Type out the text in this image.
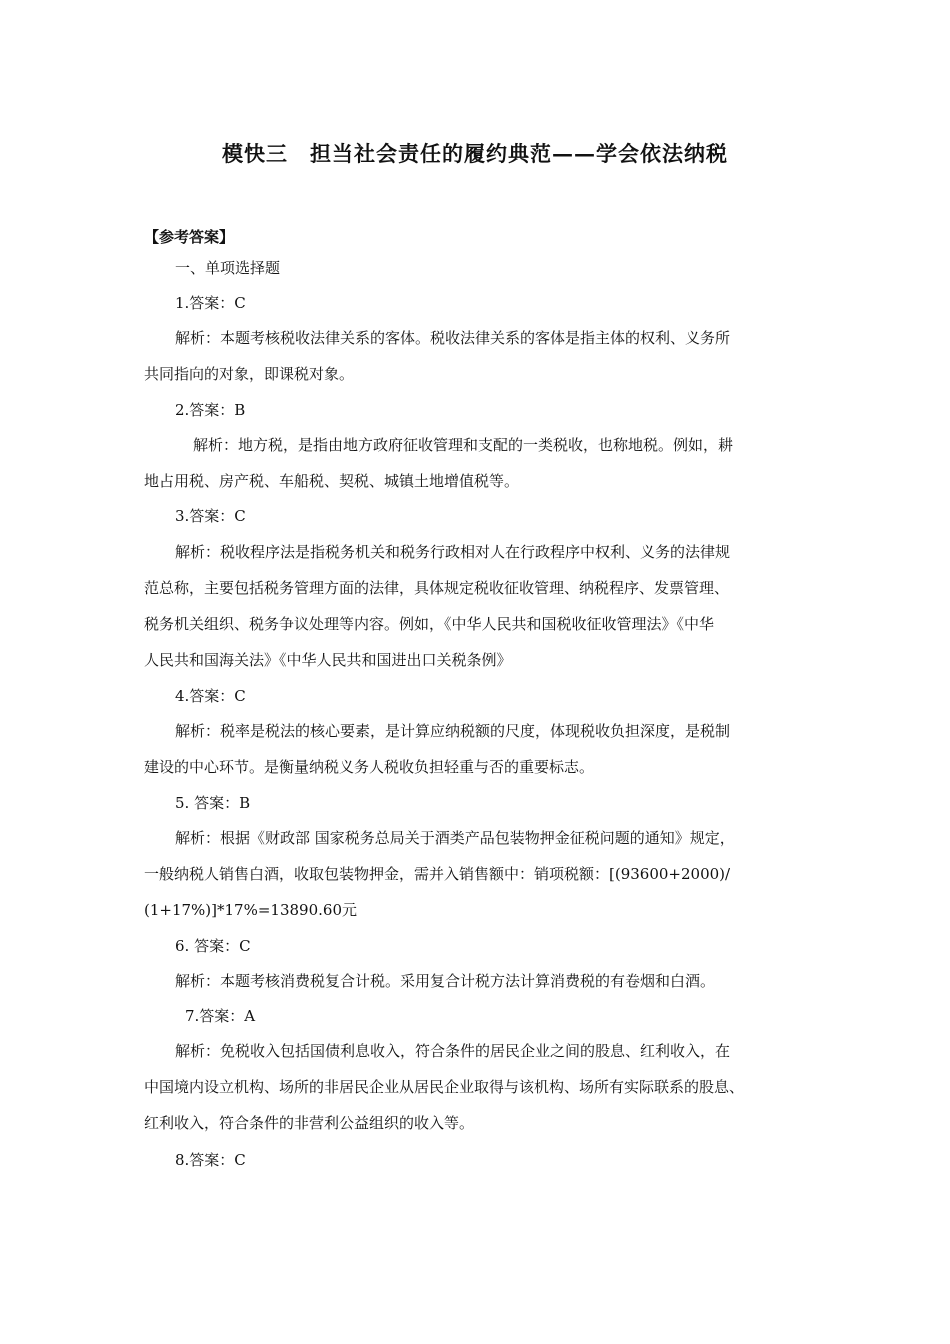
模快三　担当社会责任的履约典范——学会依法纳税
【参考答案】
一、单项选择题
1.答案：C
解析：本题考核税收法律关系的客体。税收法律关系的客体是指主体的权利、义务所
共同指向的对象，即课税对象。
2.答案：B
解析：地方税，是指由地方政府征收管理和支配的一类税收，也称地税。例如，耕
地占用税、房产税、车船税、契税、城镇土地增值税等。
3.答案：C
解析：税收程序法是指税务机关和税务行政相对人在行政程序中权利、义务的法律规
范总称，主要包括税务管理方面的法律，具体规定税收征收管理、纳税程序、发票管理、
税务机关组织、税务争议处理等内容。例如，《中华人民共和国税收征收管理法》《中华
人民共和国海关法》《中华人民共和国进出口关税条例》
4.答案：C
解析：税率是税法的核心要素，是计算应纳税额的尺度，体现税收负担深度，是税制
建设的中心环节。是衡量纳税义务人税收负担轻重与否的重要标志。
5. 答案：B
解析：根据《财政部 国家税务总局关于酒类产品包装物押金征税问题的通知》规定，
一般纳税人销售白酒，收取包装物押金，需并入销售额中：销项税额：[(93600+2000)/
(1+17%)]*17%=13890.60元
6. 答案：C
解析：本题考核消费税复合计税。采用复合计税方法计算消费税的有卷烟和白酒。
7.答案：A
解析：免税收入包括国债利息收入，符合条件的居民企业之间的股息、红利收入，在
中国境内设立机构、场所的非居民企业从居民企业取得与该机构、场所有实际联系的股息、
红利收入，符合条件的非营利公益组织的收入等。
8.答案：C
